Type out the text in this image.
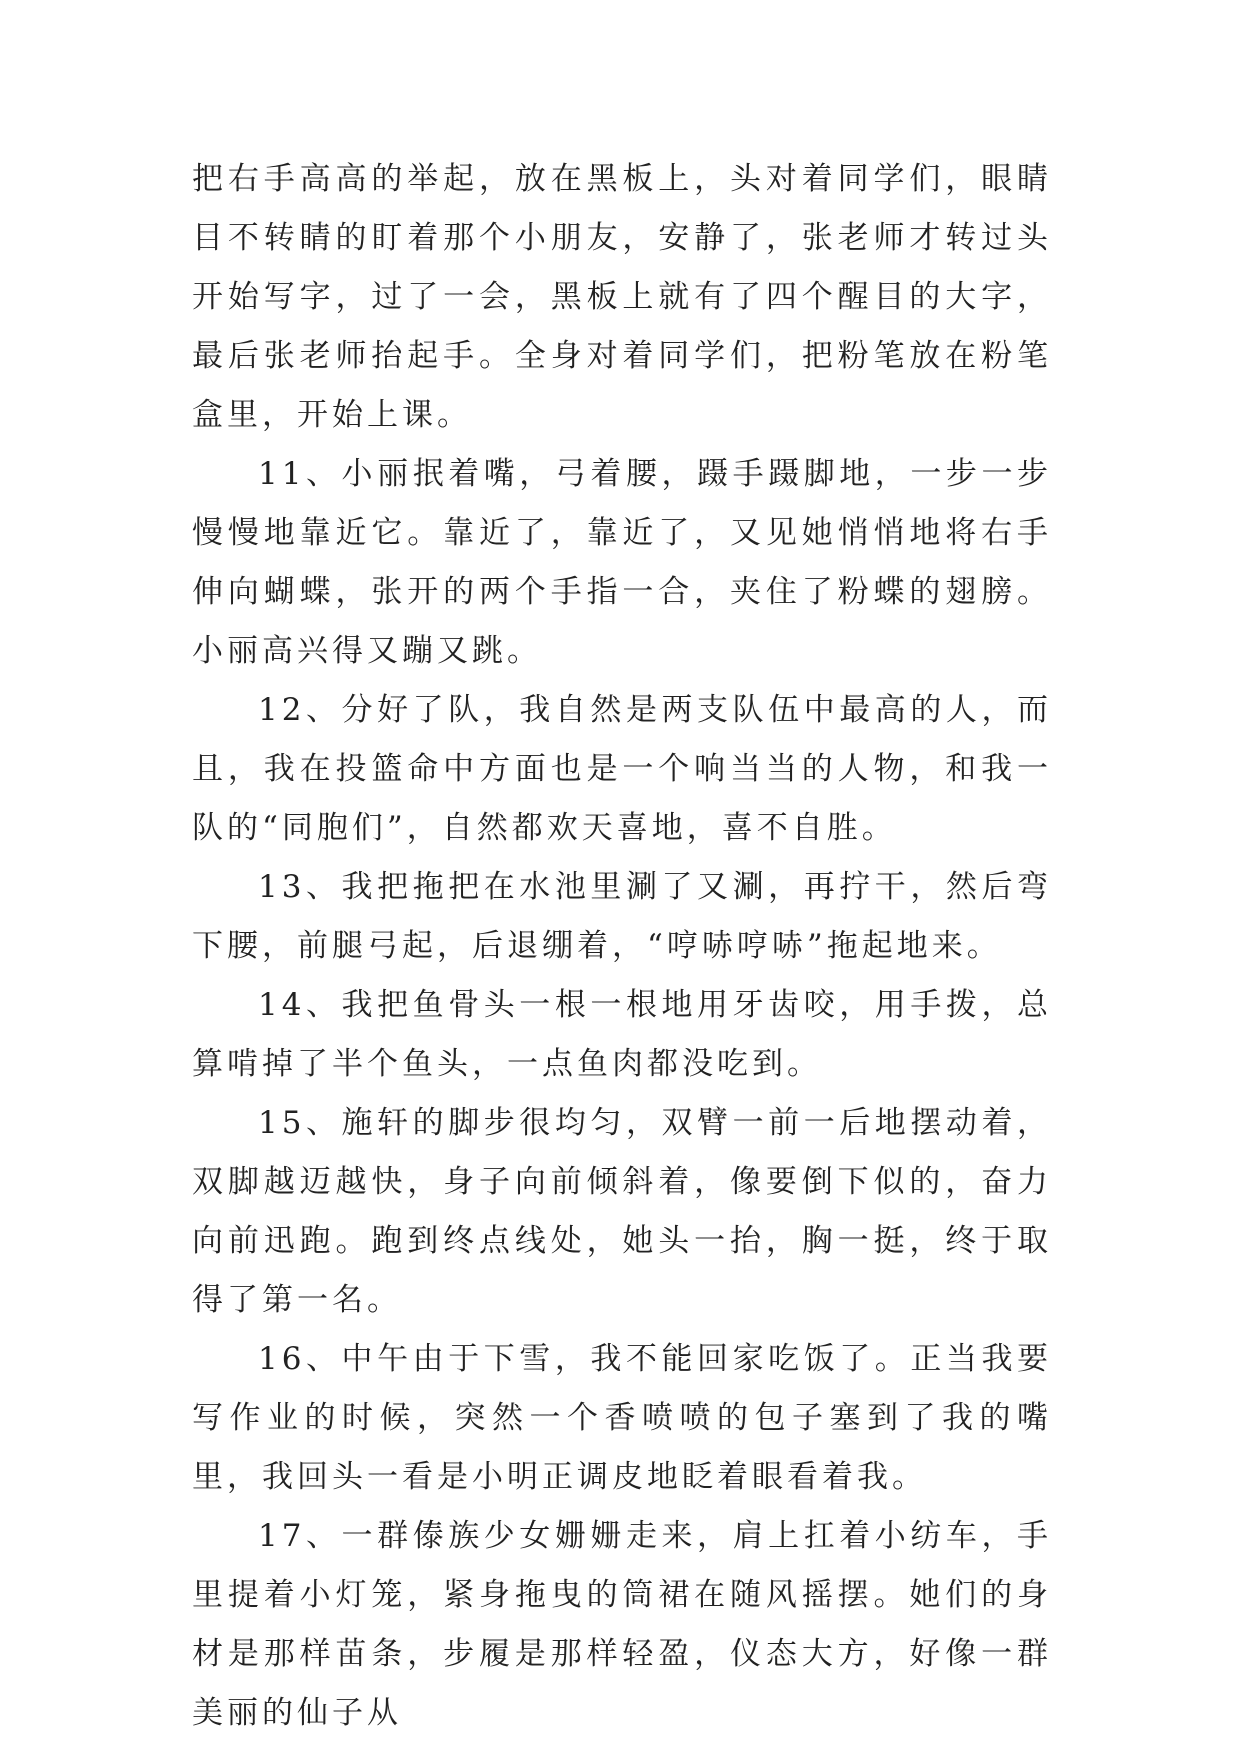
把右手高高的举起，放在黑板上，头对着同学们，眼睛目不转睛的盯着那个小朋友，安静了，张老师才转过头开始写字，过了一会，黑板上就有了四个醒目的大字，最后张老师抬起手。全身对着同学们，把粉笔放在粉笔盒里，开始上课。

11、小丽抿着嘴，弓着腰，蹑手蹑脚地，一步一步慢慢地靠近它。靠近了，靠近了，又见她悄悄地将右手伸向蝴蝶，张开的两个手指一合，夹住了粉蝶的翅膀。小丽高兴得又蹦又跳。

12、分好了队，我自然是两支队伍中最高的人，而且，我在投篮命中方面也是一个响当当的人物，和我一队的“同胞们”，自然都欢天喜地，喜不自胜。

13、我把拖把在水池里涮了又涮，再拧干，然后弯下腰，前腿弓起，后退绷着，“哼哧哼哧”拖起地来。

14、我把鱼骨头一根一根地用牙齿咬，用手拨，总算啃掉了半个鱼头，一点鱼肉都没吃到。

15、施轩的脚步很均匀，双臂一前一后地摆动着，双脚越迈越快，身子向前倾斜着，像要倒下似的，奋力向前迅跑。跑到终点线处，她头一抬，胸一挺，终于取得了第一名。

16、中午由于下雪，我不能回家吃饭了。正当我要写作业的时候，突然一个香喷喷的包子塞到了我的嘴里，我回头一看是小明正调皮地眨着眼看着我。

17、一群傣族少女姗姗走来，肩上扛着小纺车，手里提着小灯笼，紧身拖曳的筒裙在随风摇摆。她们的身材是那样苗条，步履是那样轻盈，仪态大方，好像一群美丽的仙子从
